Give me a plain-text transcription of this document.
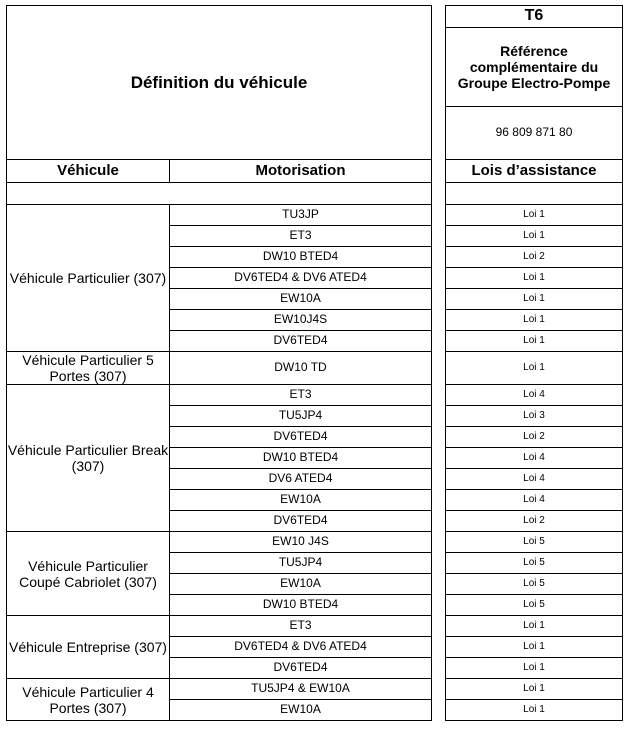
Définition du véhicule			T6
			Référence complémentaire du Groupe Electro-Pompe
			96 809 871 80
Véhicule	Motorisation		Lois d’assistance

Véhicule Particulier (307)	TU3JP		Loi 1
	ET3		Loi 1
	DW10 BTED4		Loi 2
	DV6TED4 & DV6 ATED4		Loi 1
	EW10A		Loi 1
	EW10J4S		Loi 1
	DV6TED4		Loi 1
Véhicule Particulier 5 Portes (307)	DW10 TD		Loi 1
Véhicule Particulier Break (307)	ET3		Loi 4
	TU5JP4		Loi 3
	DV6TED4		Loi 2
	DW10 BTED4		Loi 4
	DV6 ATED4		Loi 4
	EW10A		Loi 4
	DV6TED4		Loi 2
Véhicule Particulier Coupé Cabriolet (307)	EW10 J4S		Loi 5
	TU5JP4		Loi 5
	EW10A		Loi 5
	DW10 BTED4		Loi 5
Véhicule Entreprise (307)	ET3		Loi 1
	DV6TED4 & DV6 ATED4		Loi 1
	DV6TED4		Loi 1
Véhicule Particulier 4 Portes (307)	TU5JP4 & EW10A		Loi 1
	EW10A		Loi 1
